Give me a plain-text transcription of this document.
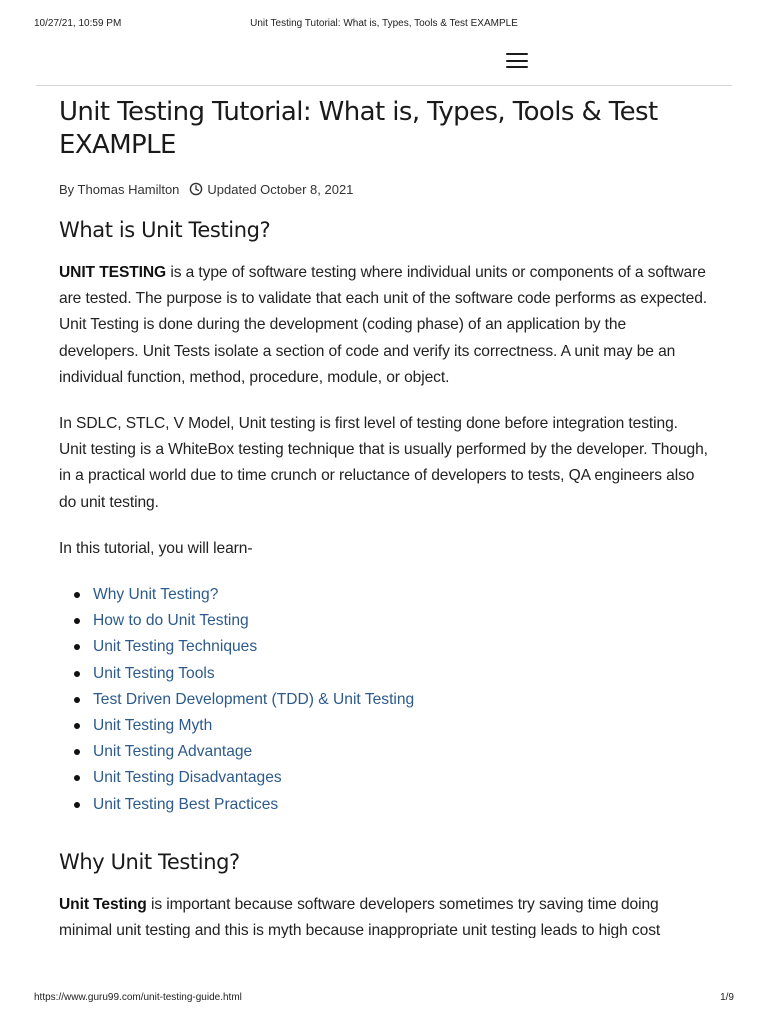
10/27/21, 10:59 PM	Unit Testing Tutorial: What is, Types, Tools & Test EXAMPLE
Unit Testing Tutorial: What is, Types, Tools & Test EXAMPLE
By Thomas Hamilton Updated October 8, 2021
What is Unit Testing?

UNIT TESTING is a type of software testing where individual units or components of a software are tested. The purpose is to validate that each unit of the software code performs as expected. Unit Testing is done during the development (coding phase) of an application by the developers. Unit Tests isolate a section of code and verify its correctness. A unit may be an individual function, method, procedure, module, or object.

In SDLC, STLC, V Model, Unit testing is first level of testing done before integration testing. Unit testing is a WhiteBox testing technique that is usually performed by the developer. Though, in a practical world due to time crunch or reluctance of developers to tests, QA engineers also do unit testing.

In this tutorial, you will learn-

Why Unit Testing?
How to do Unit Testing
Unit Testing Techniques
Unit Testing Tools
Test Driven Development (TDD) & Unit Testing
Unit Testing Myth
Unit Testing Advantage
Unit Testing Disadvantages
Unit Testing Best Practices
Why Unit Testing?

Unit Testing is important because software developers sometimes try saving time doing minimal unit testing and this is myth because inappropriate unit testing leads to high cost

https://www.guru99.com/unit-testing-guide.html	1/9
